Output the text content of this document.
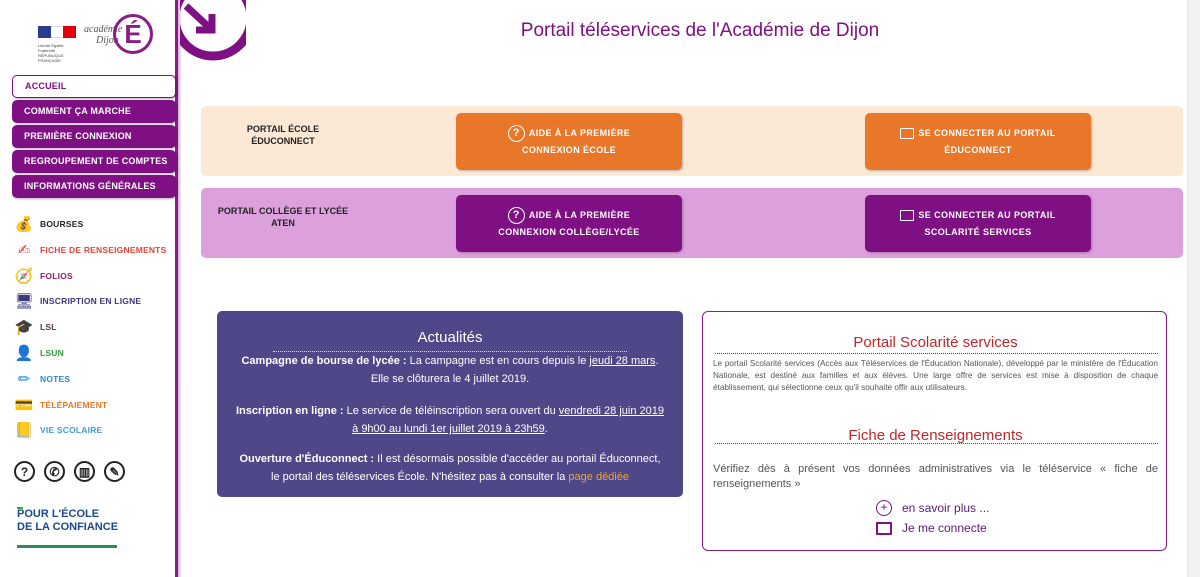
Liberté Égalité Fraternité RÉPUBLIQUE FRANÇAISE
académie
Dijon É
ACCUEIL
COMMENT ÇA MARCHE
PREMIÈRE CONNEXION
REGROUPEMENT DE COMPTES
INFORMATIONS GÉNÉRALES
💰 BOURSES
✍	FICHE DE RENSEIGNEMENTS
🧭 FOLIOS
🖥 INSCRIPTION EN LIGNE
🎓 LSL
👤 LSUN
✏	NOTES
💳 TÉLÉPAIEMENT
📒 VIE SCOLAIRE
?	✆	▥	✎
POUR L'ÉCOLE
DE LA CONFIANCE
Portail téléservices de l'Académie de Dijon
PORTAIL ÉCOLE
ÉDUCONNECT
? AIDE À LA PREMIÈRE
CONNEXION ÉCOLE
SE CONNECTER AU PORTAIL
ÉDUCONNECT
PORTAIL COLLÈGE ET LYCÉE
ATEN
? AIDE À LA PREMIÈRE
CONNEXION COLLÈGE/LYCÉE
SE CONNECTER AU PORTAIL
SCOLARITÉ SERVICES
Actualités
Campagne de bourse de lycée : La campagne est en cours depuis le jeudi 28 mars.
Elle se clôturera le 4 juillet 2019.
Inscription en ligne : Le service de téléinscription sera ouvert du vendredi 28 juin 2019
à 9h00 au lundi 1er juillet 2019 à 23h59.
Ouverture d'Éduconnect : Il est désormais possible d'accéder au portail Éduconnect,
le portail des téléservices École. N'hésitez pas à consulter la page dédiée
Portail Scolarité services
Le portail Scolarité services (Accès aux Téléservices de l'Éducation Nationale), développé par le ministère de l'Éducation Nationale, est destiné aux familles et aux élèves. Une large offre de services est mise à disposition de chaque établissement, qui sélectionne ceux qu'il souhaite offir aux utilisateurs.
Fiche de Renseignements
Vérifiez dès à présent vos données administratives via le téléservice « fiche de renseignements »
+	en savoir plus ...
Je me connecte
